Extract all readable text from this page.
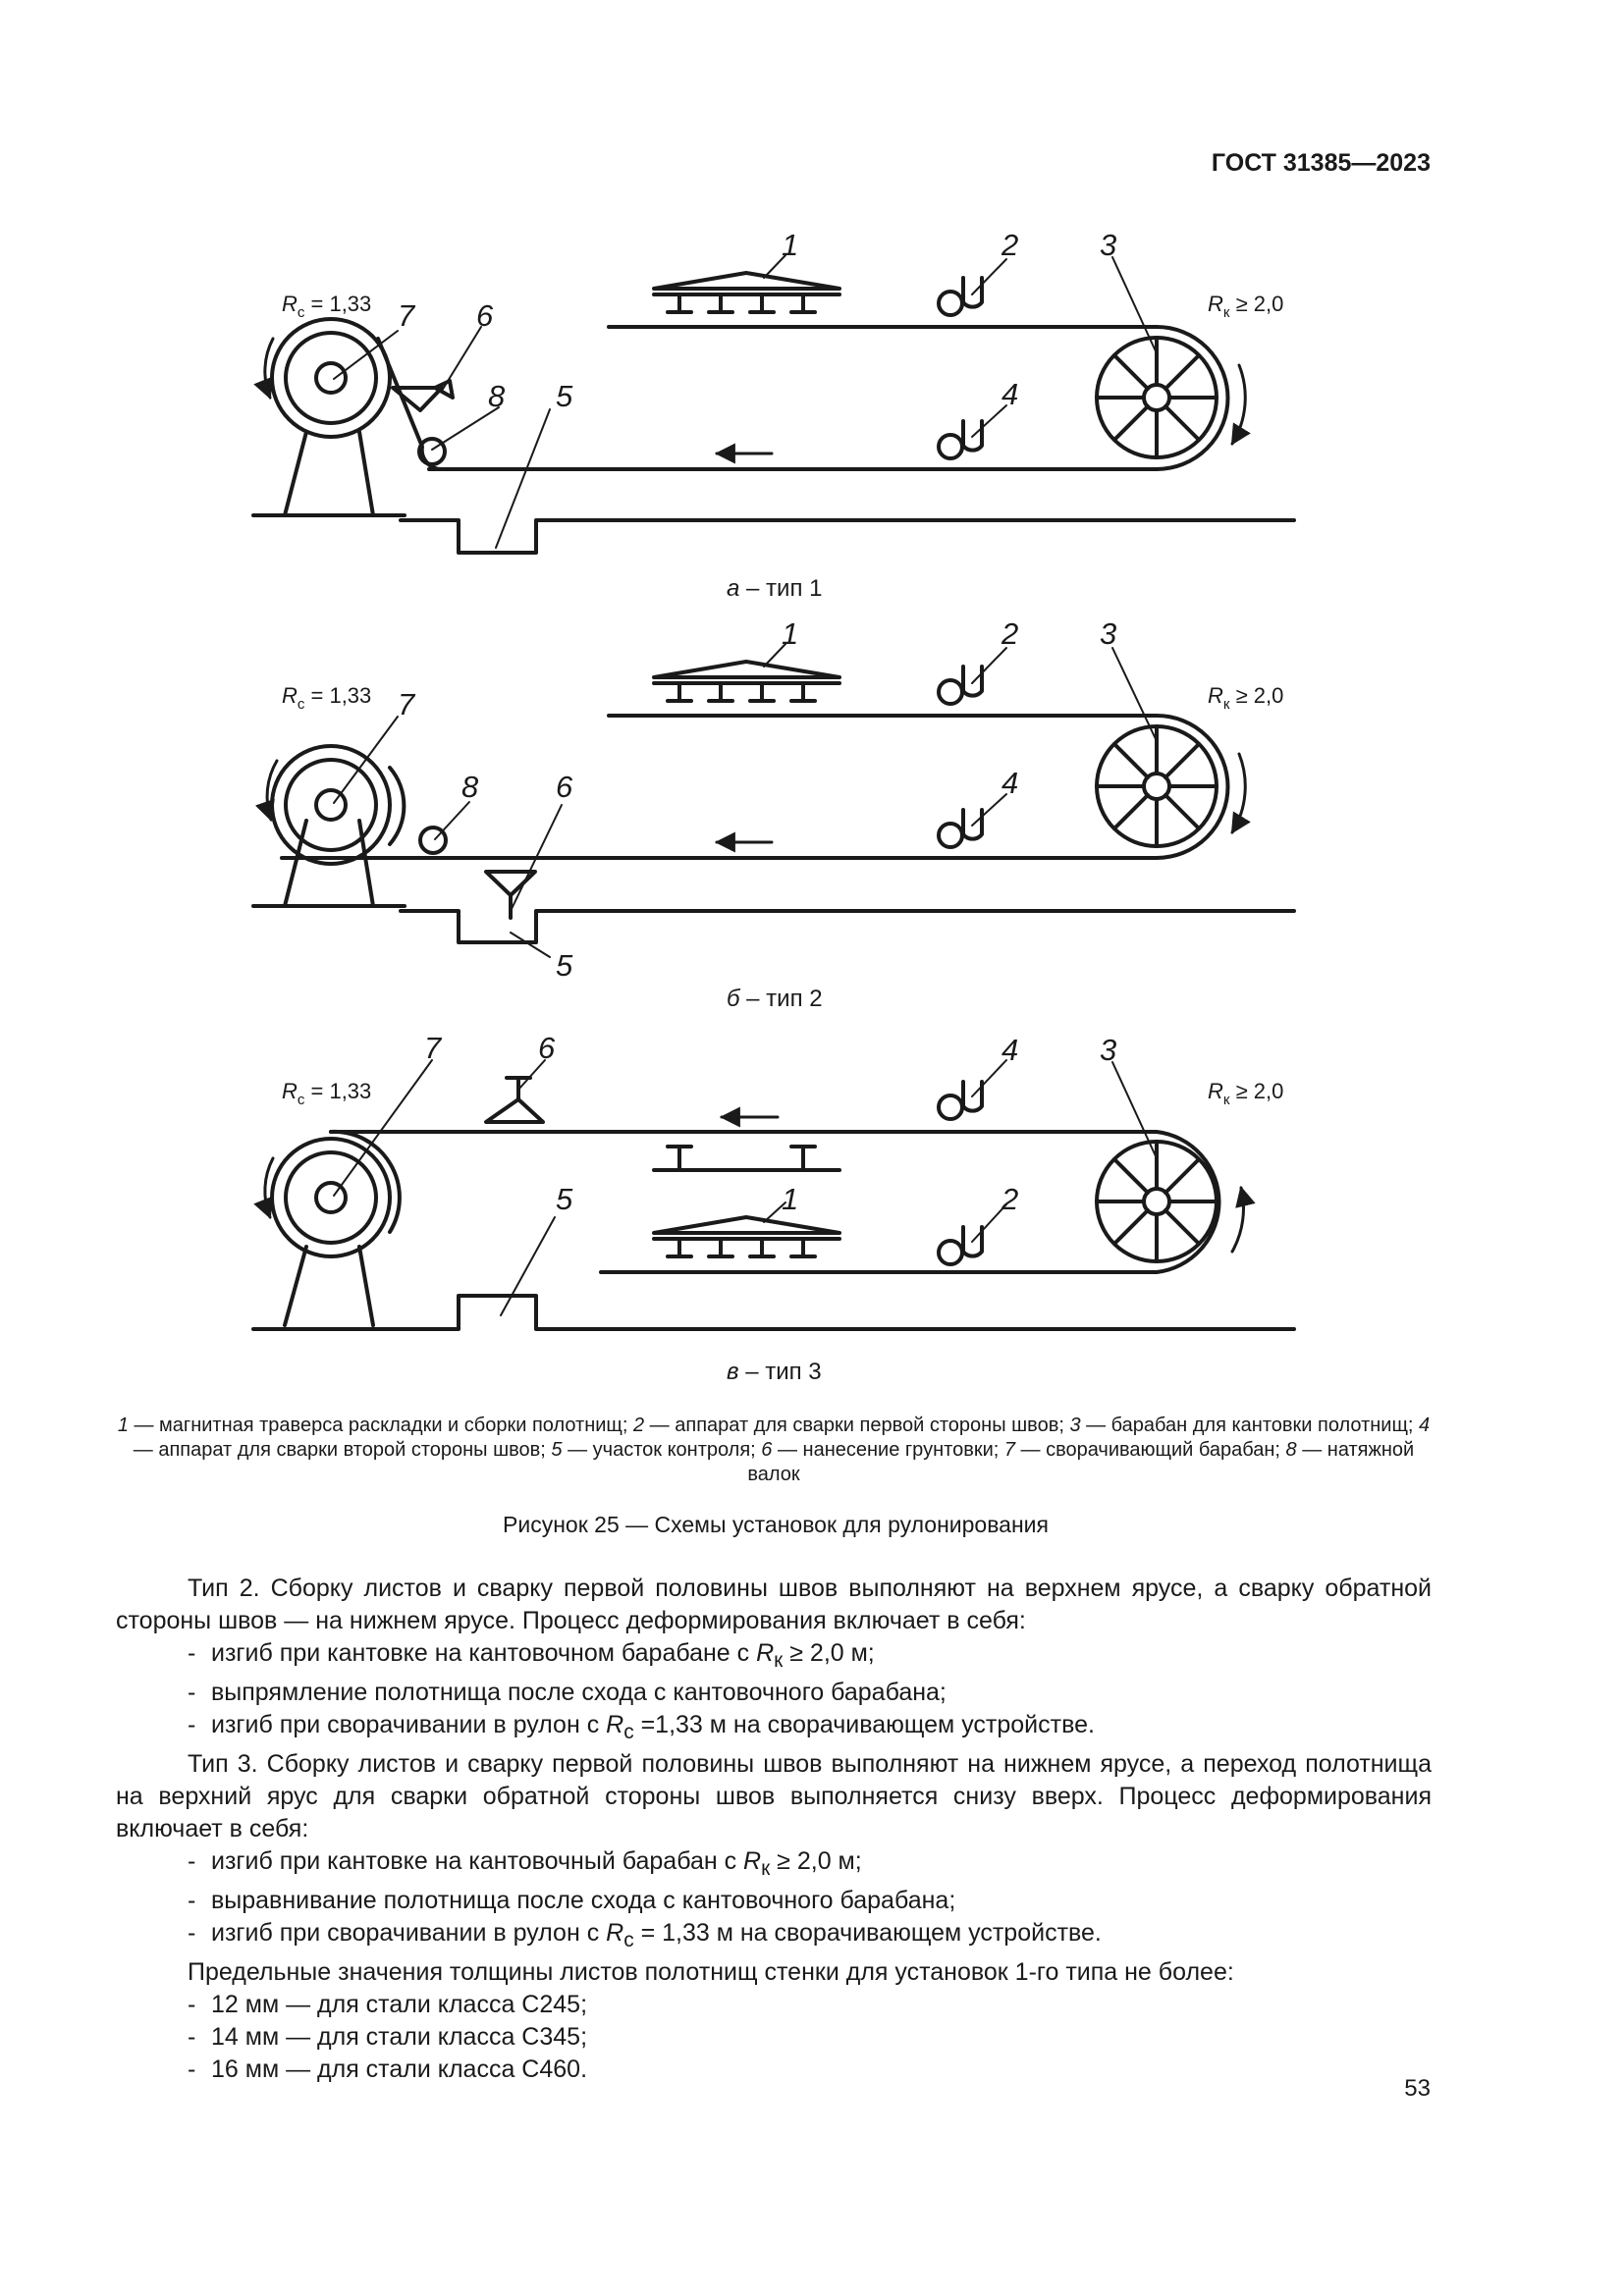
ГОСТ 31385—2023
1	2	3
4
5
6
7
8
1	2	3
4
5
6
7
8
1	2
3
4
5
6
7
$R_с = 1,33$	$R_к \ge 2,0$
$R_с = 1,33$	$R_к \ge 2,0$
$R_с = 1,33$	$R_к \ge 2,0$
а – тип 1
б – тип 2
в – тип 3
1 — магнитная траверса раскладки и сборки полотнищ; 2 — аппарат для сварки первой стороны швов; 3 — барабан для кантовки полотнищ; 4 — аппарат для сварки второй стороны швов; 5 — участок контроля; 6 — нанесение грунтовки; 7 — сворачивающий барабан; 8 — натяжной валок
Рисунок 25 — Схемы установок для рулонирования
Тип 2. Сборку листов и сварку первой половины швов выполняют на верхнем ярусе, а сварку обратной стороны швов — на нижнем ярусе. Процесс деформирования включает в себя:
- изгиб при кантовке на кантовочном барабане с $R_к \ge 2,0$ м;
- выпрямление полотнища после схода с кантовочного барабана;
- изгиб при сворачивании в рулон с $R_с =1,33$ м на сворачивающем устройстве.
Тип 3. Сборку листов и сварку первой половины швов выполняют на нижнем ярусе, а переход полотнища на верхний ярус для сварки обратной стороны швов выполняется снизу вверх. Процесс деформирования включает в себя:
- изгиб при кантовке на кантовочный барабан с $R_к \ge 2,0$ м;
- выравнивание полотнища после схода с кантовочного барабана;
- изгиб при сворачивании в рулон с $R_с = 1,33$ м на сворачивающем устройстве.
Предельные значения толщины листов полотнищ стенки для установок 1-го типа не более:
- 12 мм — для стали класса С245;
- 14 мм — для стали класса С345;
- 16 мм — для стали класса С460.
53
